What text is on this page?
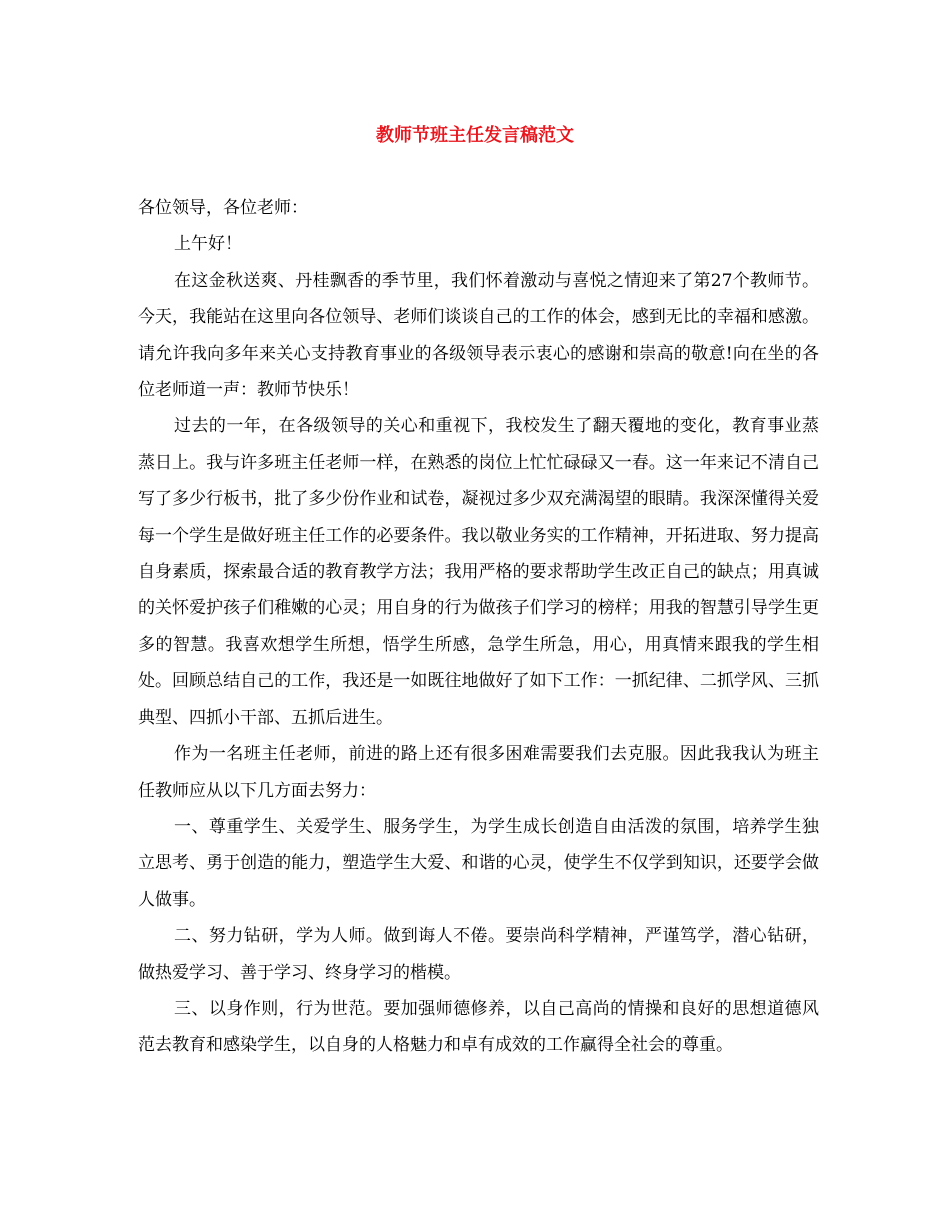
教师节班主任发言稿范文

各位领导，各位老师：

上午好！

在这金秋送爽、丹桂飘香的季节里，我们怀着激动与喜悦之情迎来了第27个教师节。今天，我能站在这里向各位领导、老师们谈谈自己的工作的体会，感到无比的幸福和感激。请允许我向多年来关心支持教育事业的各级领导表示衷心的感谢和崇高的敬意!向在坐的各位老师道一声：教师节快乐！

过去的一年，在各级领导的关心和重视下，我校发生了翻天覆地的变化，教育事业蒸蒸日上。我与许多班主任老师一样，在熟悉的岗位上忙忙碌碌又一春。这一年来记不清自己写了多少行板书，批了多少份作业和试卷，凝视过多少双充满渴望的眼睛。我深深懂得关爱每一个学生是做好班主任工作的必要条件。我以敬业务实的工作精神，开拓进取、努力提高自身素质，探索最合适的教育教学方法；我用严格的要求帮助学生改正自己的缺点；用真诚的关怀爱护孩子们稚嫩的心灵；用自身的行为做孩子们学习的榜样；用我的智慧引导学生更多的智慧。我喜欢想学生所想，悟学生所感，急学生所急，用心，用真情来跟我的学生相处。回顾总结自己的工作，我还是一如既往地做好了如下工作：一抓纪律、二抓学风、三抓典型、四抓小干部、五抓后进生。

作为一名班主任老师，前进的路上还有很多困难需要我们去克服。因此我我认为班主任教师应从以下几方面去努力：

一、尊重学生、关爱学生、服务学生，为学生成长创造自由活泼的氛围，培养学生独立思考、勇于创造的能力，塑造学生大爱、和谐的心灵，使学生不仅学到知识，还要学会做人做事。

二、努力钻研，学为人师。做到诲人不倦。要崇尚科学精神，严谨笃学，潜心钻研，做热爱学习、善于学习、终身学习的楷模。

三、以身作则，行为世范。要加强师德修养，以自己高尚的情操和良好的思想道德风范去教育和感染学生，以自身的人格魅力和卓有成效的工作赢得全社会的尊重。
